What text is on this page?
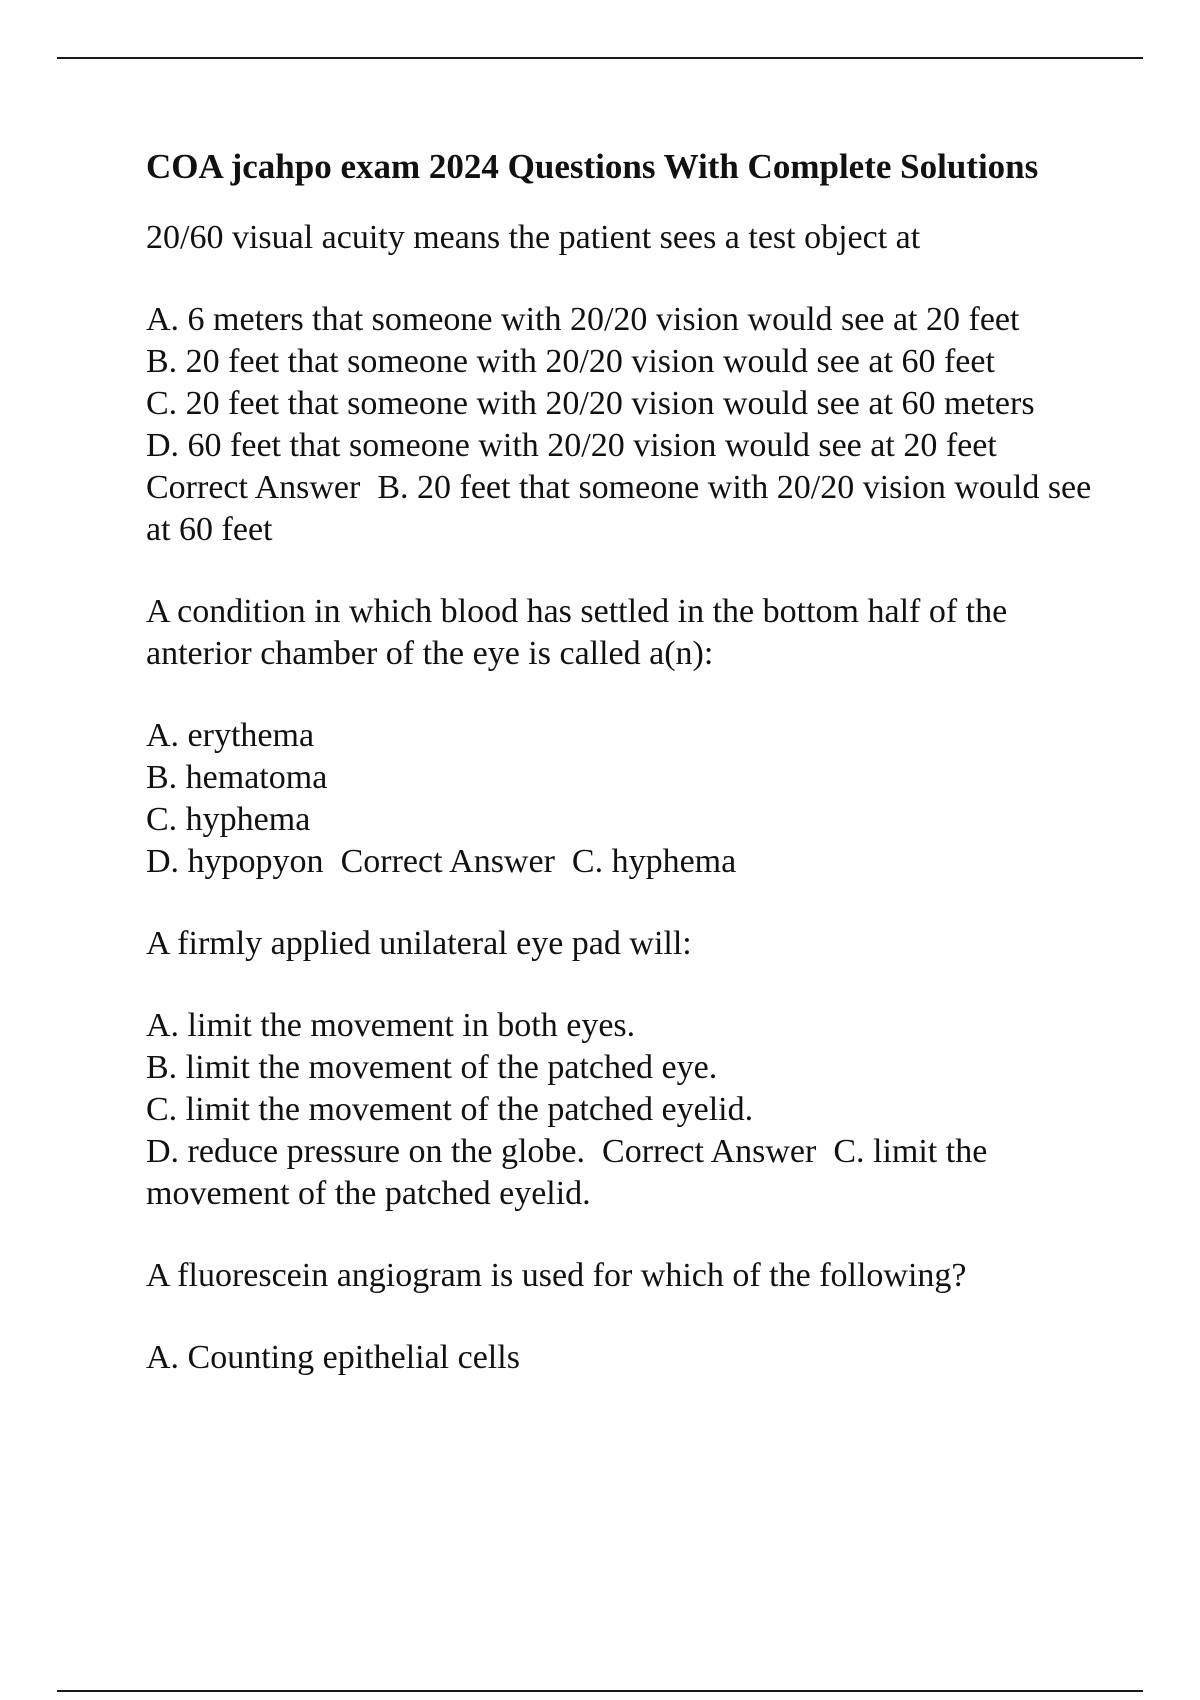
COA jcahpo exam 2024 Questions With Complete Solutions
20/60 visual acuity means the patient sees a test object at
A. 6 meters that someone with 20/20 vision would see at 20 feet
B. 20 feet that someone with 20/20 vision would see at 60 feet
C. 20 feet that someone with 20/20 vision would see at 60 meters
D. 60 feet that someone with 20/20 vision would see at 20 feet Correct Answer B. 20 feet that someone with 20/20 vision would see at 60 feet
A condition in which blood has settled in the bottom half of the anterior chamber of the eye is called a(n):
A. erythema
B. hematoma
C. hyphema
D. hypopyon Correct Answer C. hyphema
A firmly applied unilateral eye pad will:
A. limit the movement in both eyes.
B. limit the movement of the patched eye.
C. limit the movement of the patched eyelid.
D. reduce pressure on the globe. Correct Answer C. limit the movement of the patched eyelid.
A fluorescein angiogram is used for which of the following?
A. Counting epithelial cells
